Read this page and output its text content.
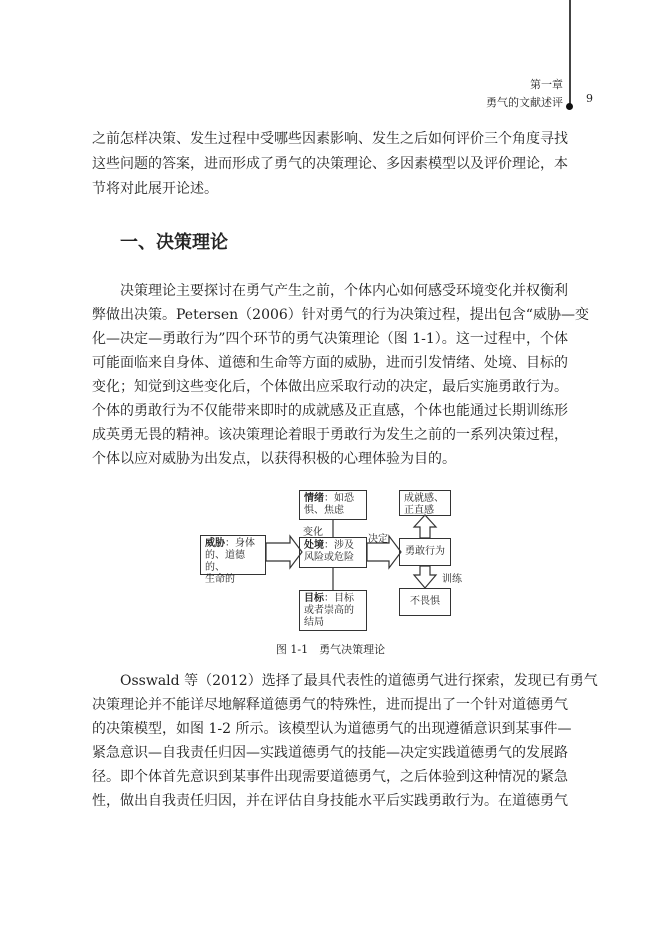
第一章
勇气的文献述评 9
之前怎样决策、发生过程中受哪些因素影响、发生之后如何评价三个角度寻找
这些问题的答案，进而形成了勇气的决策理论、多因素模型以及评价理论，本
节将对此展开论述。
一、决策理论
决策理论主要探讨在勇气产生之前，个体内心如何感受环境变化并权衡利
弊做出决策。Petersen（2006）针对勇气的行为决策过程，提出包含“威胁—变
化—决定—勇敢行为”四个环节的勇气决策理论（图 1-1）。这一过程中，个体
可能面临来自身体、道德和生命等方面的威胁，进而引发情绪、处境、目标的
变化；知觉到这些变化后，个体做出应采取行动的决定，最后实施勇敢行为。
个体的勇敢行为不仅能带来即时的成就感及正直感，个体也能通过长期训练形
成英勇无畏的精神。该决策理论着眼于勇敢行为发生之前的一系列决策过程，
个体以应对威胁为出发点，以获得积极的心理体验为目的。
威胁：身体
的、道德的、
生命的
情绪：如恐
惧、焦虑
处境：涉及
风险或危险
目标：目标
或者崇高的
结局
成就感、
正直感
勇敢行为
不畏惧
变化
决定
训练
图 1-1　勇气决策理论
Osswald 等（2012）选择了最具代表性的道德勇气进行探索，发现已有勇气
决策理论并不能详尽地解释道德勇气的特殊性，进而提出了一个针对道德勇气
的决策模型，如图 1-2 所示。该模型认为道德勇气的出现遵循意识到某事件—
紧急意识—自我责任归因—实践道德勇气的技能—决定实践道德勇气的发展路
径。即个体首先意识到某事件出现需要道德勇气，之后体验到这种情况的紧急
性，做出自我责任归因，并在评估自身技能水平后实践勇敢行为。在道德勇气
